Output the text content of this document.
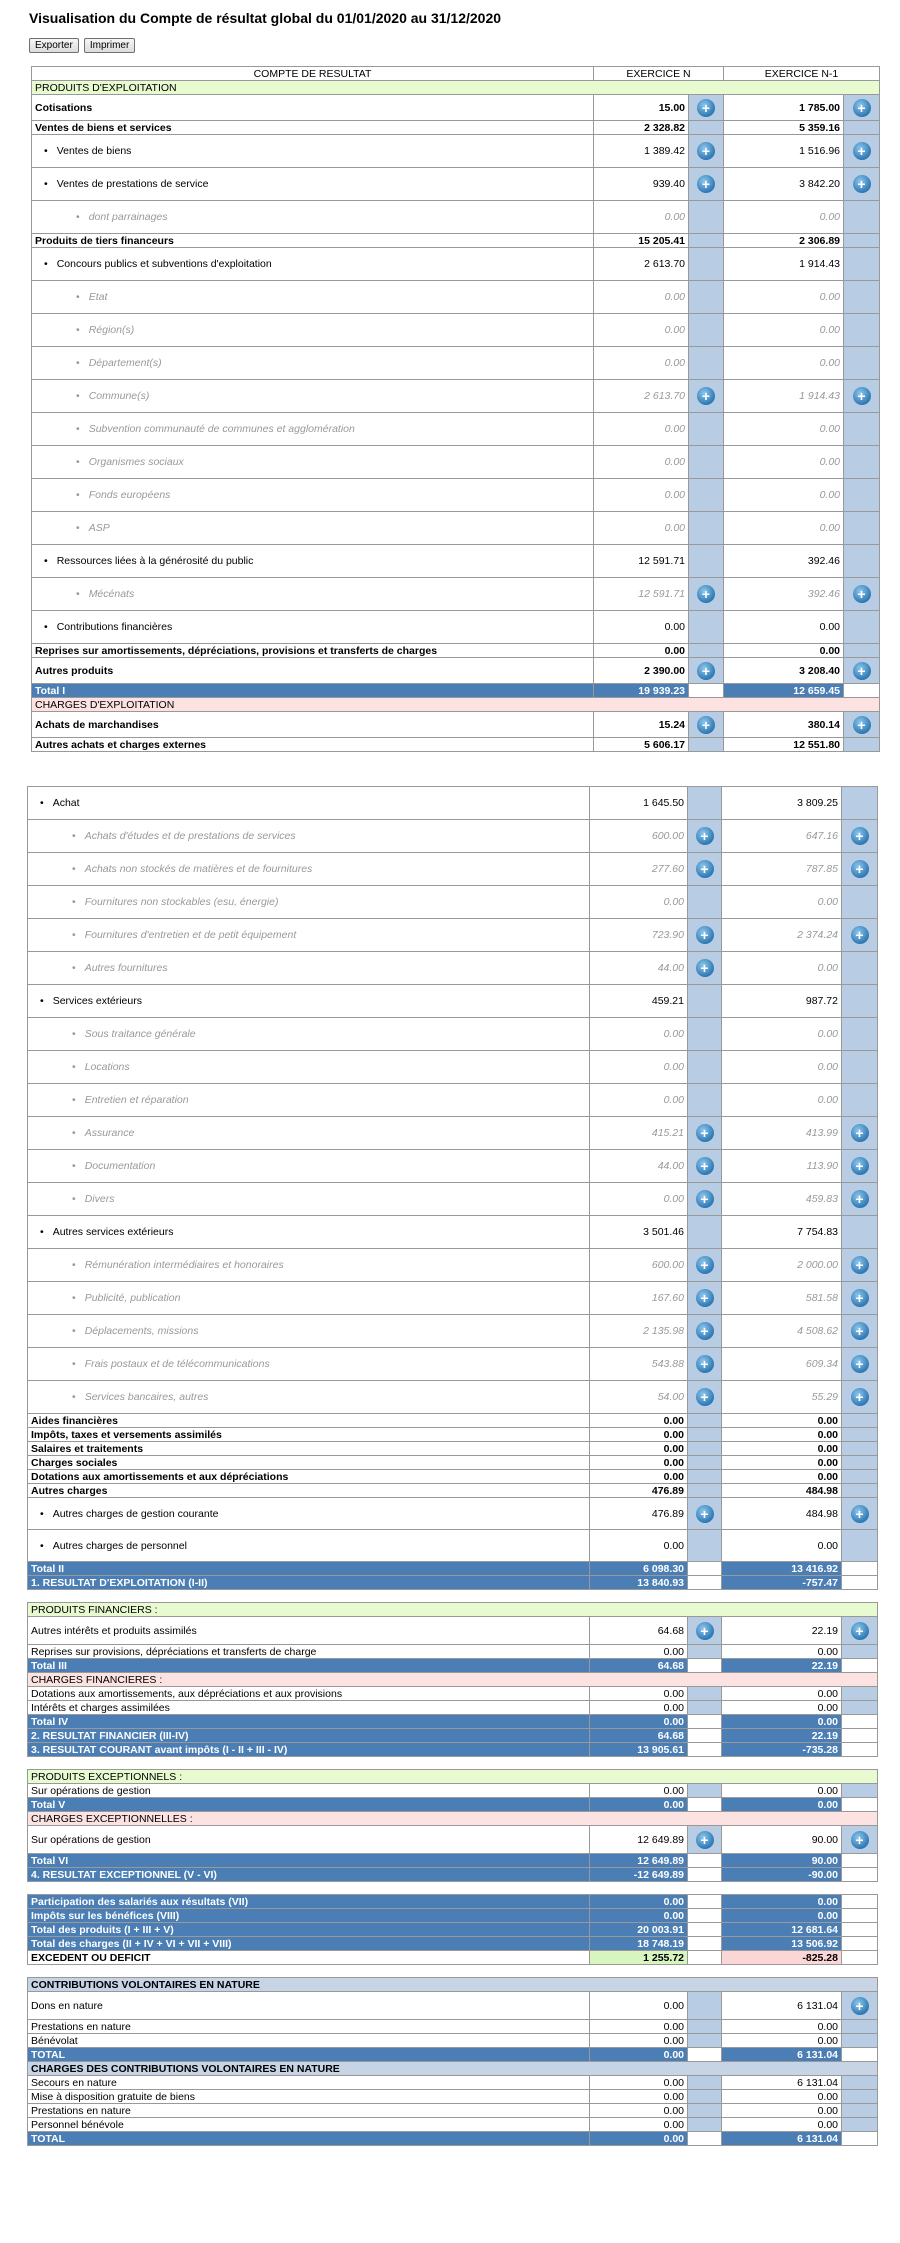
Visualisation du Compte de résultat global du 01/01/2020 au 31/12/2020
Exporter Imprimer
COMPTE DE RESULTAT	EXERCICE N		EXERCICE N-1	
PRODUITS D'EXPLOITATION				
Cotisations	15.00	+	1 785.00	+
Ventes de biens et services	2 328.82		5 359.16	
• Ventes de biens	1 389.42	+	1 516.96	+
• Ventes de prestations de service	939.40	+	3 842.20	+
• dont parrainages	0.00		0.00	
Produits de tiers financeurs	15 205.41		2 306.89	
• Concours publics et subventions d'exploitation	2 613.70		1 914.43	
• Etat	0.00		0.00	
• Région(s)	0.00		0.00	
• Département(s)	0.00		0.00	
• Commune(s)	2 613.70	+	1 914.43	+
• Subvention communauté de communes et agglomération	0.00		0.00	
• Organismes sociaux	0.00		0.00	
• Fonds européens	0.00		0.00	
• ASP	0.00		0.00	
• Ressources liées à la générosité du public	12 591.71		392.46	
• Mécénats	12 591.71	+	392.46	+
• Contributions financières	0.00		0.00	
Reprises sur amortissements, dépréciations, provisions et transferts de charges	0.00		0.00	
Autres produits	2 390.00	+	3 208.40	+
Total I	19 939.23		12 659.45	
CHARGES D'EXPLOITATION				
Achats de marchandises	15.24	+	380.14	+
Autres achats et charges externes	5 606.17		12 551.80	
• Achat	1 645.50		3 809.25	
• Achats d'études et de prestations de services	600.00	+	647.16	+
• Achats non stockés de matières et de fournitures	277.60	+	787.85	+
• Fournitures non stockables (esu, énergie)	0.00		0.00	
• Fournitures d'entretien et de petit équipement	723.90	+	2 374.24	+
• Autres fournitures	44.00	+	0.00	
• Services extérieurs	459.21		987.72	
• Sous traitance générale	0.00		0.00	
• Locations	0.00		0.00	
• Entretien et réparation	0.00		0.00	
• Assurance	415.21	+	413.99	+
• Documentation	44.00	+	113.90	+
• Divers	0.00	+	459.83	+
• Autres services extérieurs	3 501.46		7 754.83	
• Rémunération intermédiaires et honoraires	600.00	+	2 000.00	+
• Publicité, publication	167.60	+	581.58	+
• Déplacements, missions	2 135.98	+	4 508.62	+
• Frais postaux et de télécommunications	543.88	+	609.34	+
• Services bancaires, autres	54.00	+	55.29	+
Aides financières	0.00		0.00	
Impôts, taxes et versements assimilés	0.00		0.00	
Salaires et traitements	0.00		0.00	
Charges sociales	0.00		0.00	
Dotations aux amortissements et aux dépréciations	0.00		0.00	
Autres charges	476.89		484.98	
• Autres charges de gestion courante	476.89	+	484.98	+
• Autres charges de personnel	0.00		0.00	
Total II	6 098.30		13 416.92	
1. RESULTAT D'EXPLOITATION (I-II)	13 840.93		-757.47	

PRODUITS FINANCIERS :				
Autres intérêts et produits assimilés	64.68	+	22.19	+
Reprises sur provisions, dépréciations et transferts de charge	0.00		0.00	
Total III	64.68		22.19	
CHARGES FINANCIERES :				
Dotations aux amortissements, aux dépréciations et aux provisions	0.00		0.00	
Intérêts et charges assimilées	0.00		0.00	
Total IV	0.00		0.00	
2. RESULTAT FINANCIER (III-IV)	64.68		22.19	
3. RESULTAT COURANT avant impôts (I - II + III - IV)	13 905.61		-735.28	

PRODUITS EXCEPTIONNELS :				
Sur opérations de gestion	0.00		0.00	
Total V	0.00		0.00	
CHARGES EXCEPTIONNELLES :				
Sur opérations de gestion	12 649.89	+	90.00	+
Total VI	12 649.89		90.00	
4. RESULTAT EXCEPTIONNEL (V - VI)	-12 649.89		-90.00	

Participation des salariés aux résultats (VII)	0.00		0.00	
Impôts sur les bénéfices (VIII)	0.00		0.00	
Total des produits (I + III + V)	20 003.91		12 681.64	
Total des charges (II + IV + VI + VII + VIII)	18 748.19		13 506.92	
EXCEDENT OU DEFICIT	1 255.72		-825.28	

CONTRIBUTIONS VOLONTAIRES EN NATURE				
Dons en nature	0.00		6 131.04	+
Prestations en nature	0.00		0.00	
Bénévolat	0.00		0.00	
TOTAL	0.00		6 131.04	
CHARGES DES CONTRIBUTIONS VOLONTAIRES EN NATURE				
Secours en nature	0.00		6 131.04	
Mise à disposition gratuite de biens	0.00		0.00	
Prestations en nature	0.00		0.00	
Personnel bénévole	0.00		0.00	
TOTAL	0.00		6 131.04	
